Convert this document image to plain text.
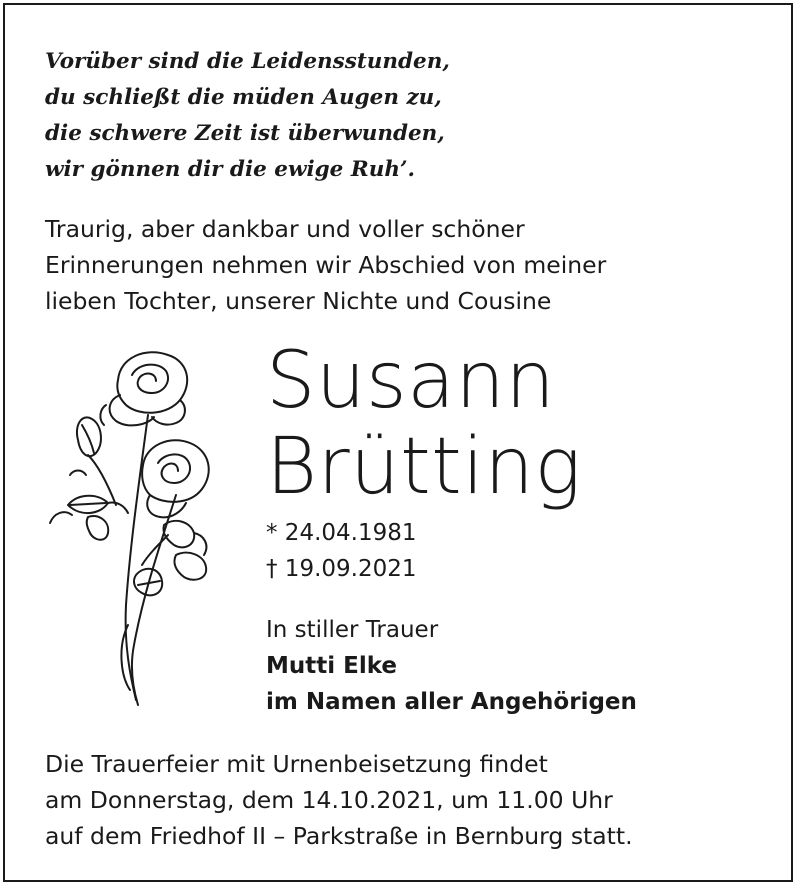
Vorüber sind die Leidensstunden,
du schließt die müden Augen zu,
die schwere Zeit ist überwunden,
wir gönnen dir die ewige Ruh’.
Traurig, aber dankbar und voller schöner
Erinnerungen nehmen wir Abschied von meiner
lieben Tochter, unserer Nichte und Cousine
Susann
Brütting
* 24.04.1981
† 19.09.2021
In stiller Trauer
Mutti Elke
im Namen aller Angehörigen
Die Trauerfeier mit Urnenbeisetzung findet
am Donnerstag, dem 14.10.2021, um 11.00 Uhr
auf dem Friedhof II – Parkstraße in Bernburg statt.
